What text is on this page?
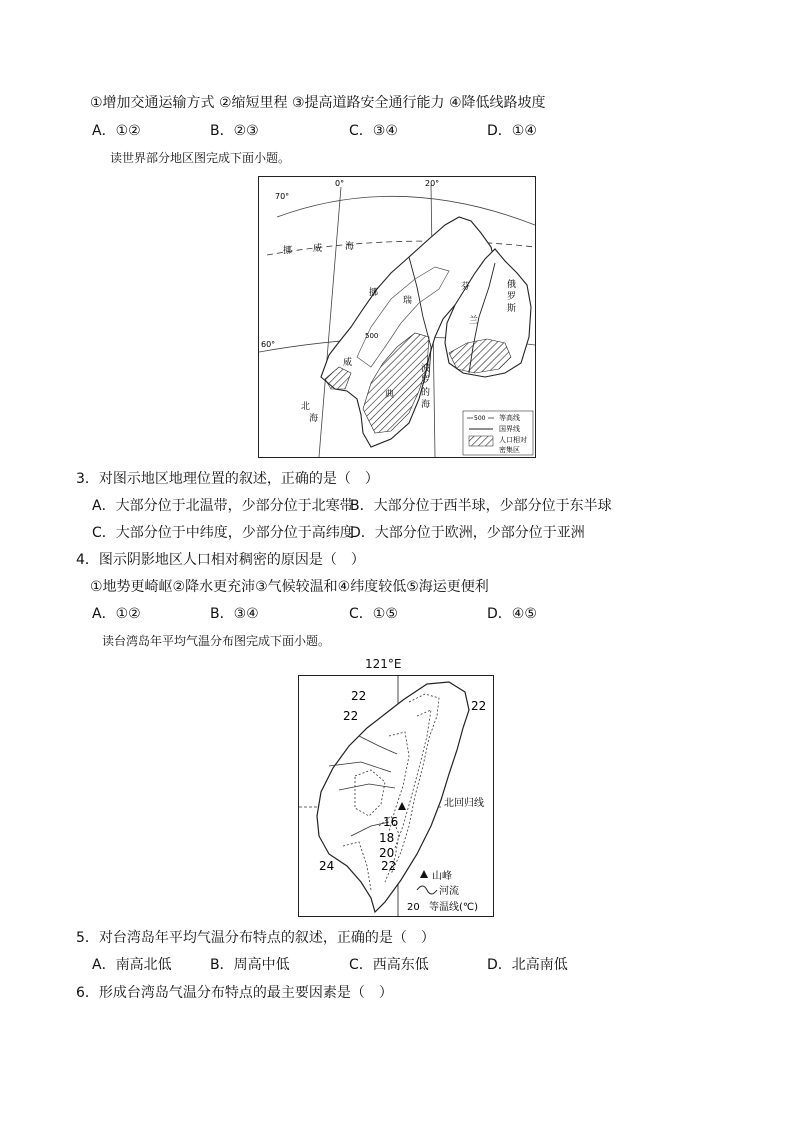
①增加交通运输方式 ②缩短里程 ③提高道路安全通行能力 ④降低线路坡度
A．①②	B．②③	C．③④	D．①④
读世界部分地区图完成下面小题。
0°	20°
70°
60°
挪 威	海
挪
威
瑞
典
芬
兰
俄
罗
斯
波
罗
的
海
北
海
500
500 等高线
国界线
人口相对
密集区
3．对图示地区地理位置的叙述，正确的是（　）
A．大部分位于北温带，少部分位于北寒带
B．大部分位于西半球，少部分位于东半球
C．大部分位于中纬度，少部分位于高纬度
D．大部分位于欧洲，少部分位于亚洲
4．图示阴影地区人口相对稠密的原因是（　）
①地势更崎岖②降水更充沛③气候较温和④纬度较低⑤海运更便利
A．①②	B．③④	C．①⑤	D．④⑤
读台湾岛年平均气温分布图完成下面小题。
121°E
22
22
22
16
18
20
22
24
北回归线
山峰
河流
20 等温线(℃)
5．对台湾岛年平均气温分布特点的叙述，正确的是（　）
A．南高北低	B．周高中低	C．西高东低	D．北高南低
6．形成台湾岛气温分布特点的最主要因素是（　）
